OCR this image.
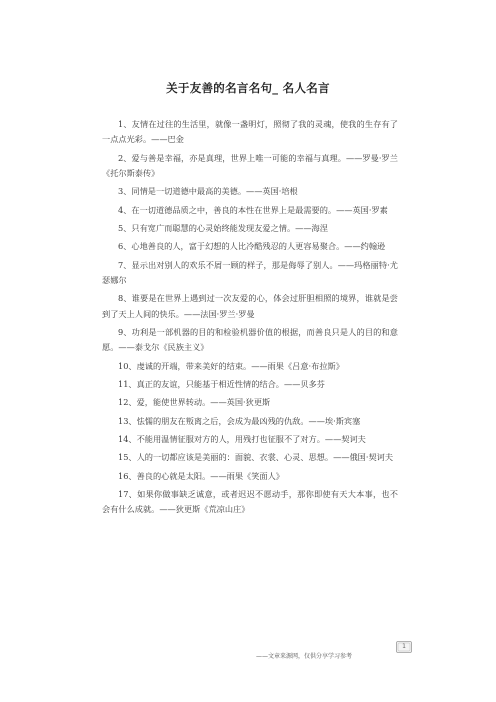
关于友善的名言名句_ 名人名言

1、友情在过往的生活里，就像一盏明灯，照彻了我的灵魂，使我的生存有了一点点光彩。——巴金

2、爱与善是幸福，亦是真理，世界上唯一可能的幸福与真理。——罗曼·罗兰《托尔斯泰传》

3、同情是一切道德中最高的美德。——英国·培根

4、在一切道德品质之中，善良的本性在世界上是最需要的。——英国·罗素

5、只有宽广而聪慧的心灵始终能发现友爱之情。——海涅

6、心地善良的人，富于幻想的人比冷酷残忍的人更容易聚合。——约翰逊

7、显示出对别人的欢乐不屑一顾的样子，那是侮辱了别人。——玛格丽特·尤瑟娜尔

8、谁要是在世界上遇到过一次友爱的心，体会过肝胆相照的境界，谁就是尝到了天上人间的快乐。——法国·罗兰·罗曼

9、功利是一部机器的目的和检验机器价值的根据，而善良只是人的目的和意愿。——泰戈尔《民族主义》

10、虔诚的开端，带来美好的结束。——雨果《吕意·布拉斯》

11、真正的友谊，只能基于相近性情的结合。——贝多芬

12、爱，能使世界转动。——英国·狄更斯

13、怯懦的朋友在叛离之后，会成为最凶残的仇敌。——埃·斯宾塞

14、不能用温情征服对方的人，用残打也征服不了对方。——契诃夫

15、人的一切都应该是美丽的：面貌、衣裳、心灵、思想。——俄国·契诃夫

16、善良的心就是太阳。——雨果《笑面人》

17、如果你做事缺乏诚意，或者迟迟不愿动手，那你即使有天大本事，也不会有什么成就。——狄更斯《荒凉山庄》

1
——文章来源网，仅供分享学习参考
